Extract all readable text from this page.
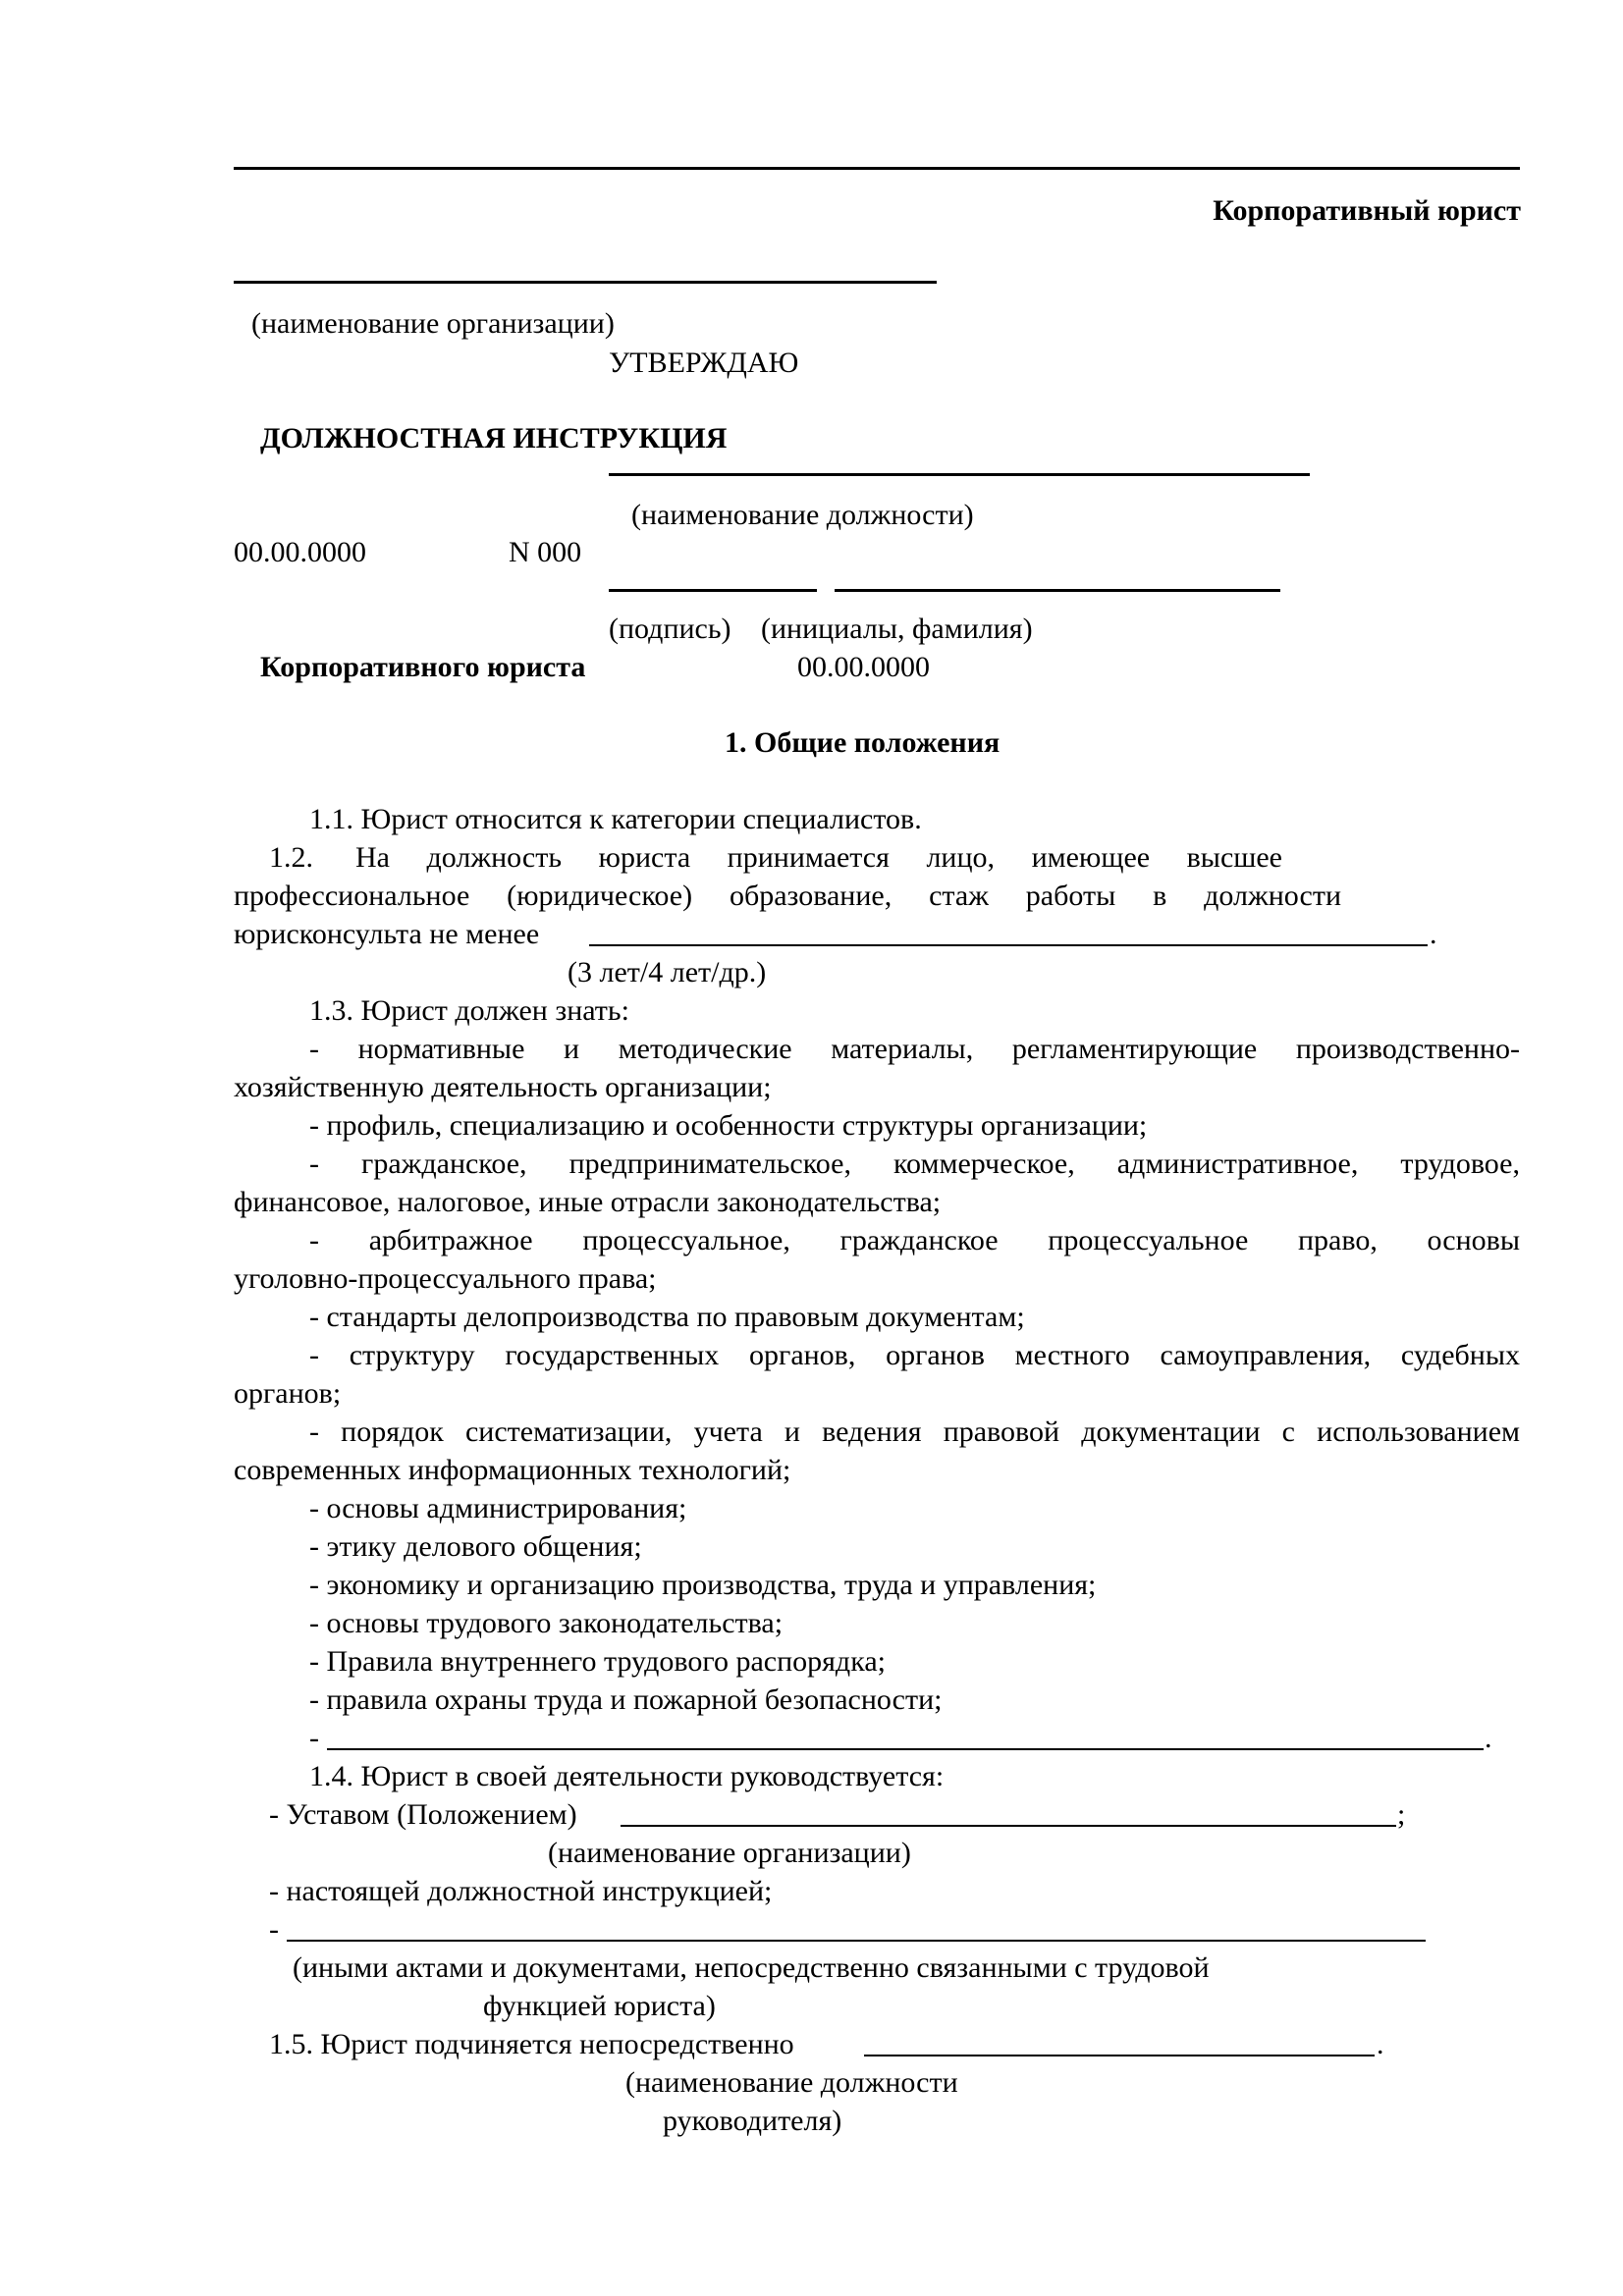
Корпоративный юрист
(наименование организации)
УТВЕРЖДАЮ
ДОЛЖНОСТНАЯ ИНСТРУКЦИЯ
(наименование должности)
00.00.0000	N 000
(подпись) (инициалы, фамилия)
Корпоративного юриста	00.00.0000
1. Общие положения
1.1. Юрист относится к категории специалистов.
1.2. На должность юриста принимается лицо, имеющее высшее
профессиональное (юридическое) образование, стаж работы в должности
юрисконсульта не менее	.
(3 лет/4 лет/др.)
1.3. Юрист должен знать:
- нормативные и методические материалы, регламентирующие производственно-
хозяйственную деятельность организации;
- профиль, специализацию и особенности структуры организации;
- гражданское, предпринимательское, коммерческое, административное, трудовое,
финансовое, налоговое, иные отрасли законодательства;
- арбитражное процессуальное, гражданское процессуальное право, основы
уголовно-процессуального права;
- стандарты делопроизводства по правовым документам;
- структуру государственных органов, органов местного самоуправления, судебных
органов;
- порядок систематизации, учета и ведения правовой документации с использованием
современных информационных технологий;
- основы администрирования;
- этику делового общения;
- экономику и организацию производства, труда и управления;
- основы трудового законодательства;
- Правила внутреннего трудового распорядка;
- правила охраны труда и пожарной безопасности;
-	.
1.4. Юрист в своей деятельности руководствуется:
- Уставом (Положением)	;
(наименование организации)
- настоящей должностной инструкцией;
-
(иными актами и документами, непосредственно связанными с трудовой
функцией юриста)
1.5. Юрист подчиняется непосредственно	.
(наименование должности
руководителя)
